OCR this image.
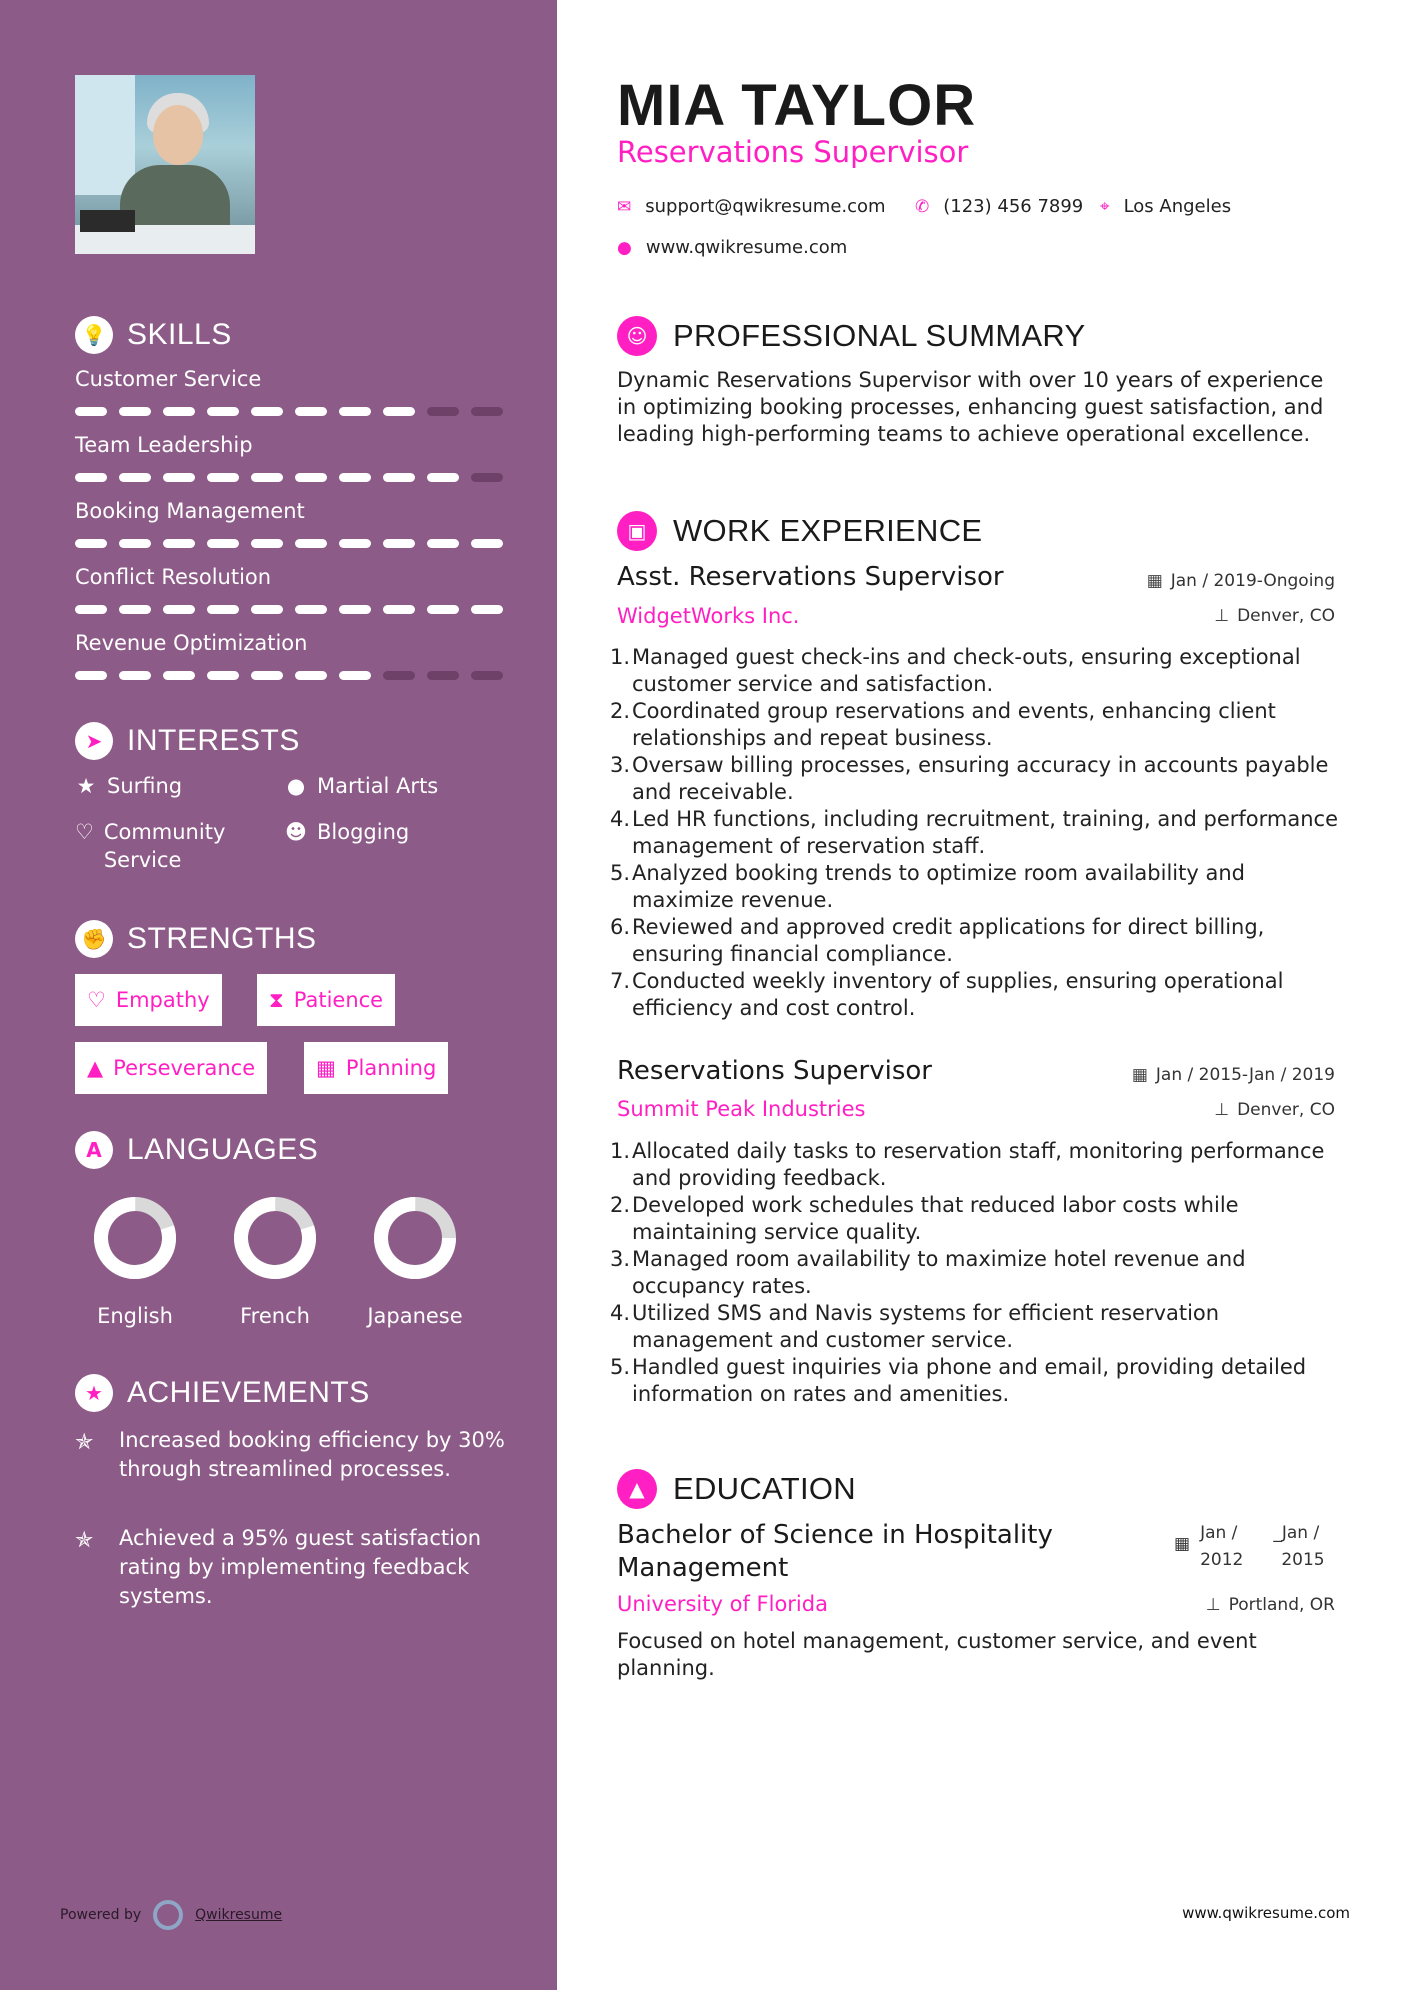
💡 SKILLS
Customer Service
Team Leadership
Booking Management
Conflict Resolution
Revenue Optimization
➤ INTERESTS
★ Surfing	● Martial Arts
♡ Community Service
☻ Blogging
✊ STRENGTHS
♡ Empathy	⧗ Patience
▲ Perseverance	▦ Planning
A LANGUAGES
English	French	Japanese
★ ACHIEVEMENTS
✯	Increased booking efficiency by 30% through streamlined processes.
✯	Achieved a 95% guest satisfaction rating by implementing feedback systems.
Powered by	Qwikresume
MIA TAYLOR
Reservations Supervisor
✉ support@qwikresume.com ✆ (123) 456 7899 ⌖ Los Angeles
● www.qwikresume.com
☺ PROFESSIONAL SUMMARY
Dynamic Reservations Supervisor with over 10 years of experience in optimizing booking processes, enhancing guest satisfaction, and leading high-performing teams to achieve operational excellence.
▣ WORK EXPERIENCE
Asst. Reservations Supervisor
WidgetWorks Inc.
▦ Jan / 2019-Ongoing
⊥ Denver, CO
1. Managed guest check-ins and check-outs, ensuring exceptional customer service and satisfaction.
2. Coordinated group reservations and events, enhancing client relationships and repeat business.
3. Oversaw billing processes, ensuring accuracy in accounts payable and receivable.
4. Led HR functions, including recruitment, training, and performance management of reservation staff.
5. Analyzed booking trends to optimize room availability and maximize revenue.
6. Reviewed and approved credit applications for direct billing, ensuring financial compliance.
7. Conducted weekly inventory of supplies, ensuring operational efficiency and cost control.
Reservations Supervisor
Summit Peak Industries
▦ Jan / 2015-Jan / 2019
⊥ Denver, CO
1. Allocated daily tasks to reservation staff, monitoring performance and providing feedback.
2. Developed work schedules that reduced labor costs while maintaining service quality.
3. Managed room availability to maximize hotel revenue and occupancy rates.
4. Utilized SMS and Navis systems for efficient reservation management and customer service.
5. Handled guest inquiries via phone and email, providing detailed information on rates and amenities.
▲ EDUCATION
Bachelor of Science in Hospitality
Management
University of Florida
▦
Jan /
2012
_Jan /
2015
⊥ Portland, OR
Focused on hotel management, customer service, and event planning.
www.qwikresume.com
